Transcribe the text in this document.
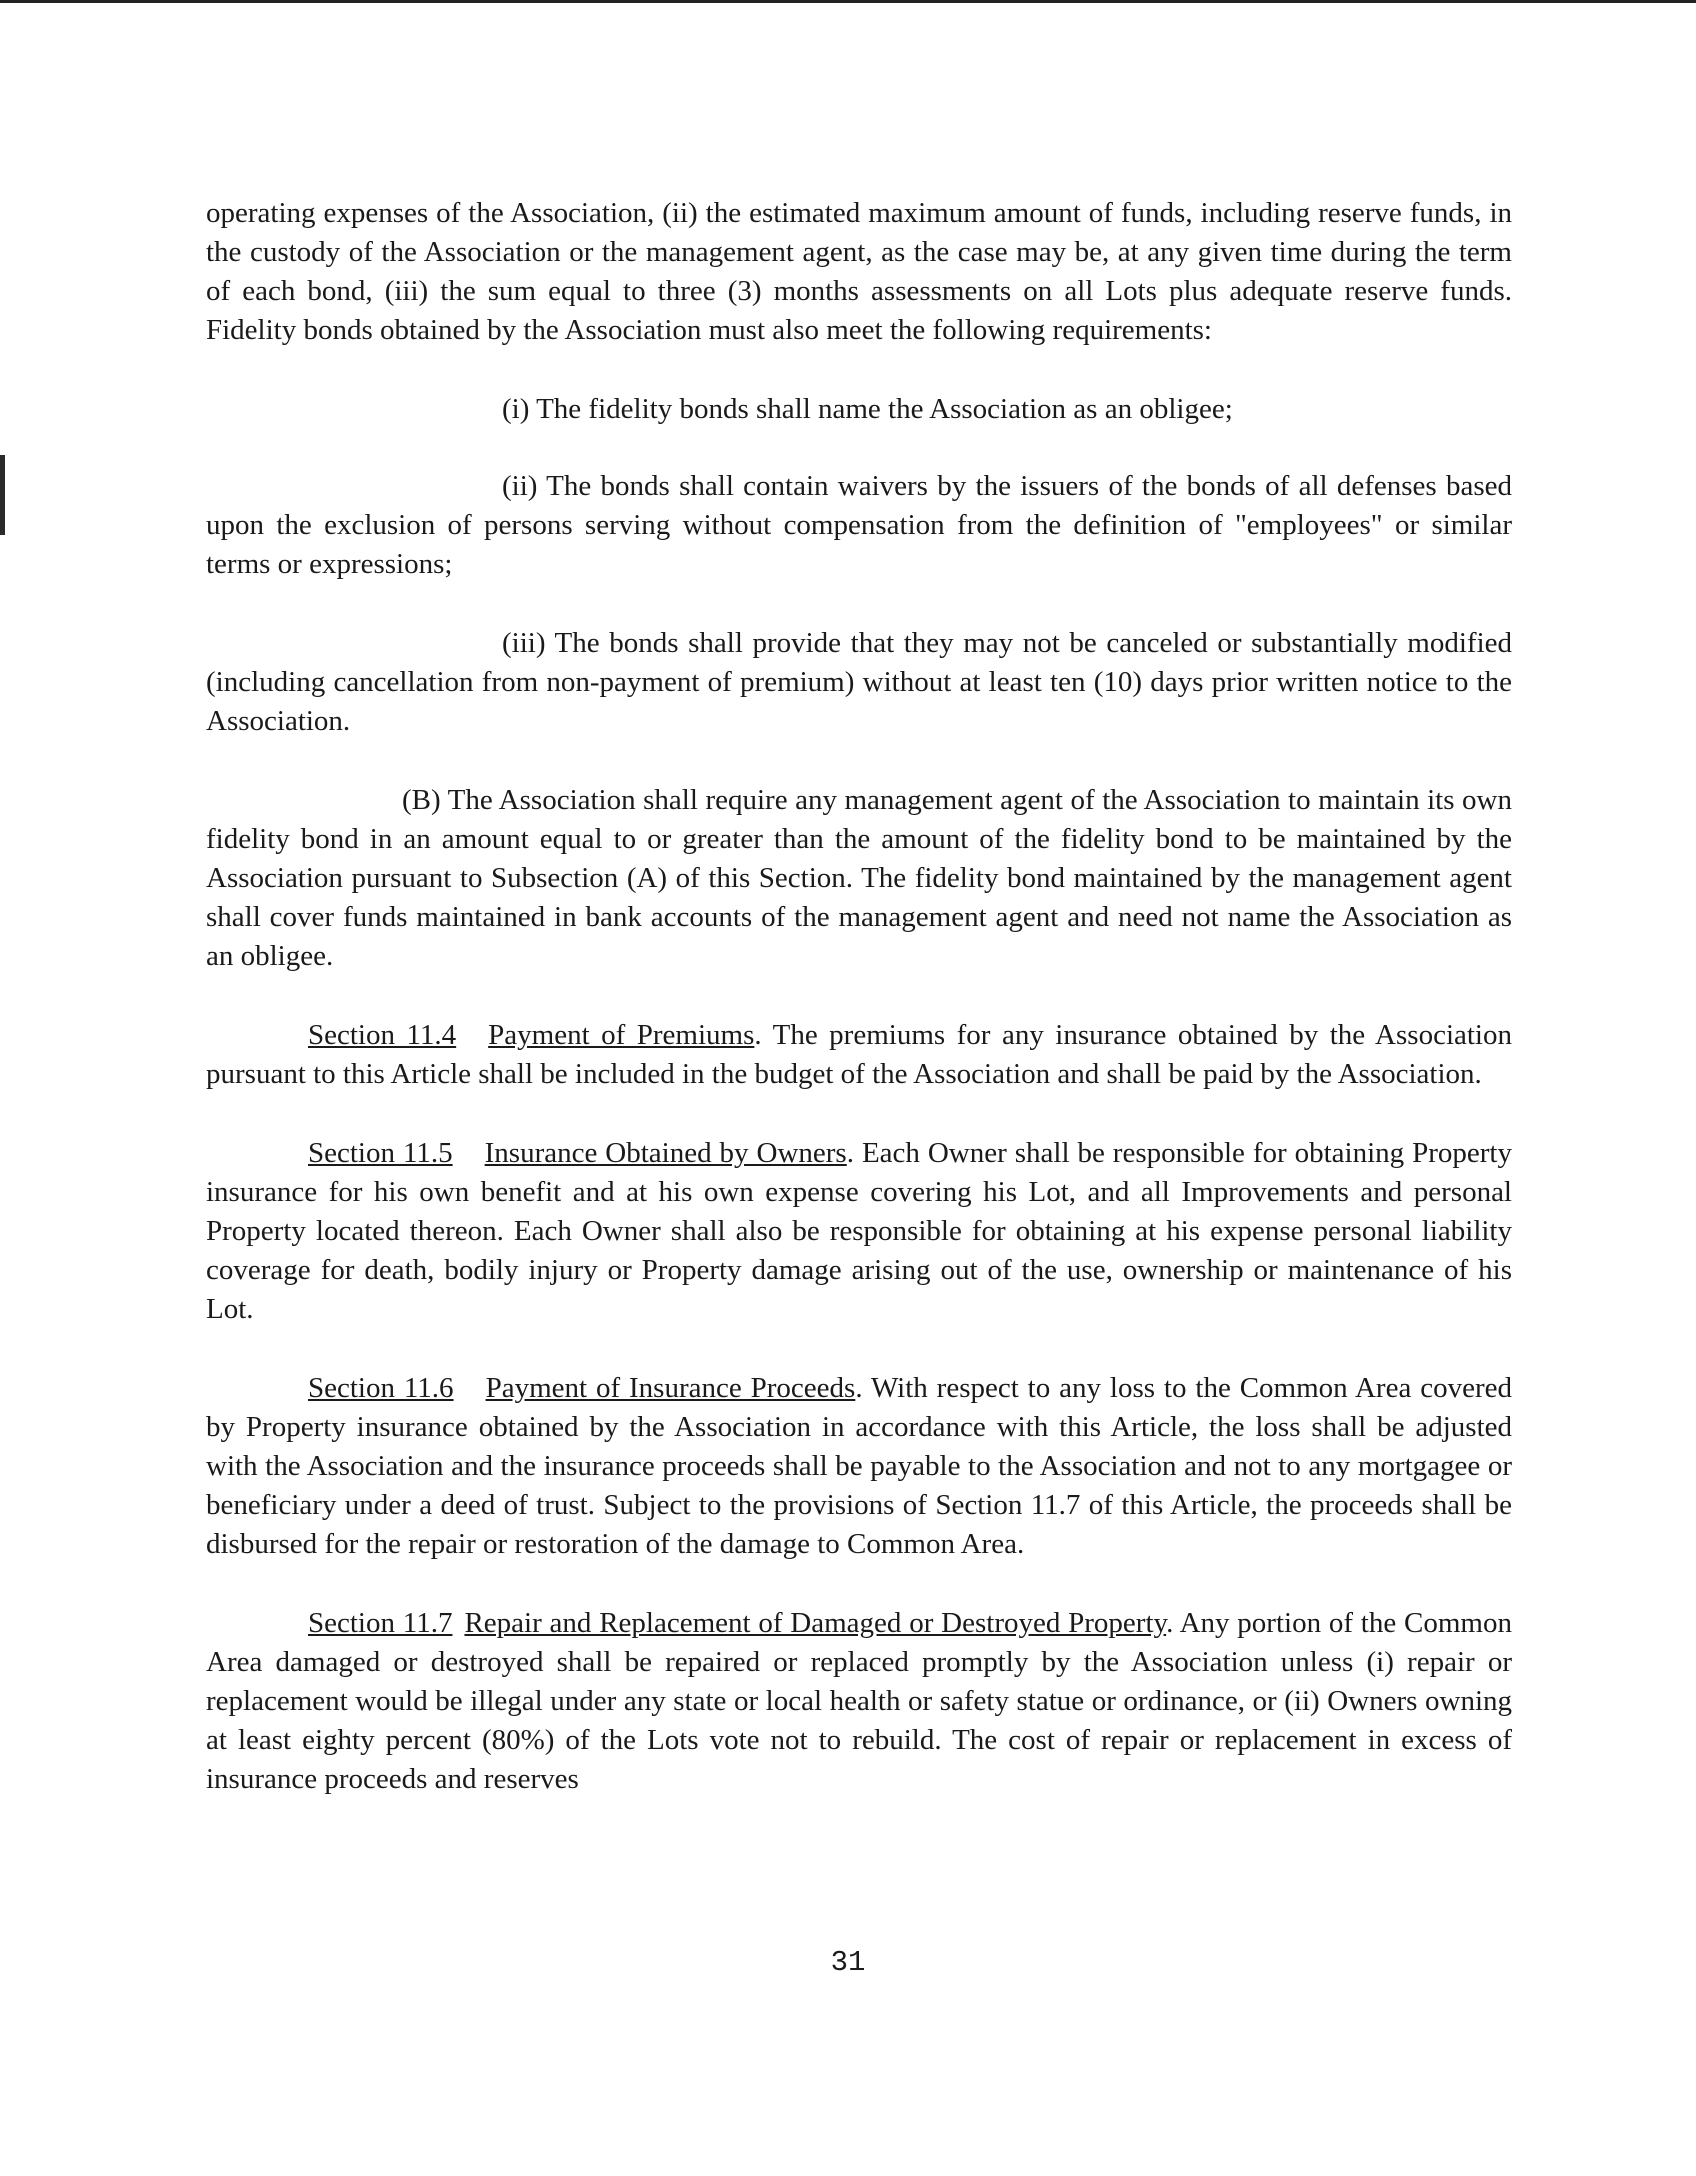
operating expenses of the Association, (ii) the estimated maximum amount of funds, including reserve funds, in the custody of the Association or the management agent, as the case may be, at any given time during the term of each bond, (iii) the sum equal to three (3) months assessments on all Lots plus adequate reserve funds. Fidelity bonds obtained by the Association must also meet the following requirements:

(i) The fidelity bonds shall name the Association as an obligee;

(ii) The bonds shall contain waivers by the issuers of the bonds of all defenses based upon the exclusion of persons serving without compensation from the definition of "employees" or similar terms or expressions;

(iii) The bonds shall provide that they may not be canceled or substantially modified (including cancellation from non-payment of premium) without at least ten (10) days prior written notice to the Association.

(B) The Association shall require any management agent of the Association to maintain its own fidelity bond in an amount equal to or greater than the amount of the fidelity bond to be maintained by the Association pursuant to Subsection (A) of this Section. The fidelity bond maintained by the management agent shall cover funds maintained in bank accounts of the management agent and need not name the Association as an obligee.

Section 11.4 Payment of Premiums. The premiums for any insurance obtained by the Association pursuant to this Article shall be included in the budget of the Association and shall be paid by the Association.

Section 11.5 Insurance Obtained by Owners. Each Owner shall be responsible for obtaining Property insurance for his own benefit and at his own expense covering his Lot, and all Improvements and personal Property located thereon. Each Owner shall also be responsible for obtaining at his expense personal liability coverage for death, bodily injury or Property damage arising out of the use, ownership or maintenance of his Lot.

Section 11.6 Payment of Insurance Proceeds. With respect to any loss to the Common Area covered by Property insurance obtained by the Association in accordance with this Article, the loss shall be adjusted with the Association and the insurance proceeds shall be payable to the Association and not to any mortgagee or beneficiary under a deed of trust. Subject to the provisions of Section 11.7 of this Article, the proceeds shall be disbursed for the repair or restoration of the damage to Common Area.

Section 11.7 Repair and Replacement of Damaged or Destroyed Property. Any portion of the Common Area damaged or destroyed shall be repaired or replaced promptly by the Association unless (i) repair or replacement would be illegal under any state or local health or safety statue or ordinance, or (ii) Owners owning at least eighty percent (80%) of the Lots vote not to rebuild. The cost of repair or replacement in excess of insurance proceeds and reserves

31
